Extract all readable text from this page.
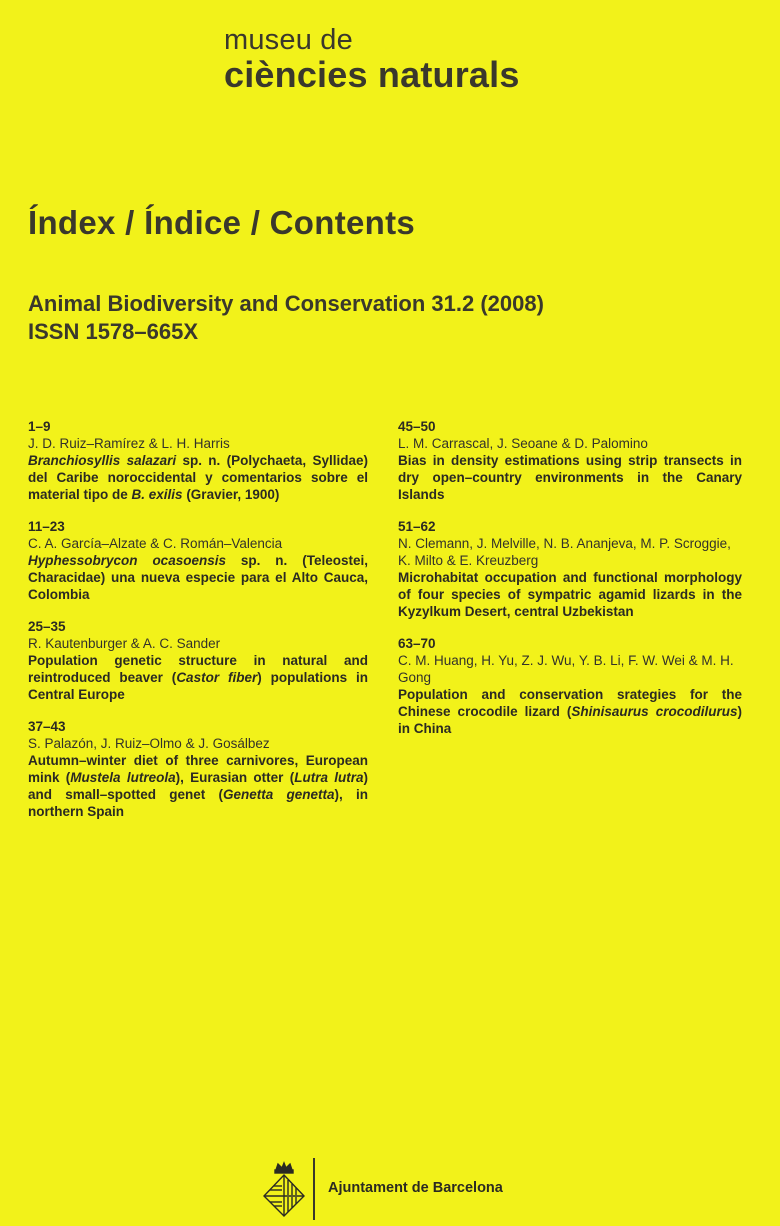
museu de
ciències naturals
Índex / Índice / Contents
Animal Biodiversity and Conservation 31.2 (2008)
ISSN 1578–665X
1–9
J. D. Ruiz–Ramírez & L. H. Harris
Branchiosyllis salazari sp. n. (Polychaeta, Syllidae) del Caribe noroccidental y comentarios sobre el material tipo de B. exilis (Gravier, 1900)
11–23
C. A. García–Alzate & C. Román–Valencia
Hyphessobrycon ocasoensis sp. n. (Teleostei, Characidae) una nueva especie para el Alto Cauca, Colombia
25–35
R. Kautenburger & A. C. Sander
Population genetic structure in natural and reintroduced beaver (Castor fiber) populations in Central Europe
37–43
S. Palazón, J. Ruiz–Olmo & J. Gosálbez
Autumn–winter diet of three carnivores, European mink (Mustela lutreola), Eurasian otter (Lutra lutra) and small–spotted genet (Genetta genetta), in northern Spain
45–50
L. M. Carrascal, J. Seoane & D. Palomino
Bias in density estimations using strip transects in dry open–country environments in the Canary Islands
51–62
N. Clemann, J. Melville, N. B. Ananjeva, M. P. Scroggie, K. Milto & E. Kreuzberg
Microhabitat occupation and functional morphology of four species of sympatric agamid lizards in the Kyzylkum Desert, central Uzbekistan
63–70
C. M. Huang, H. Yu, Z. J. Wu, Y. B. Li, F. W. Wei & M. H. Gong
Population and conservation srategies for the Chinese crocodile lizard (Shinisaurus crocodilurus) in China
Ajuntament de Barcelona
